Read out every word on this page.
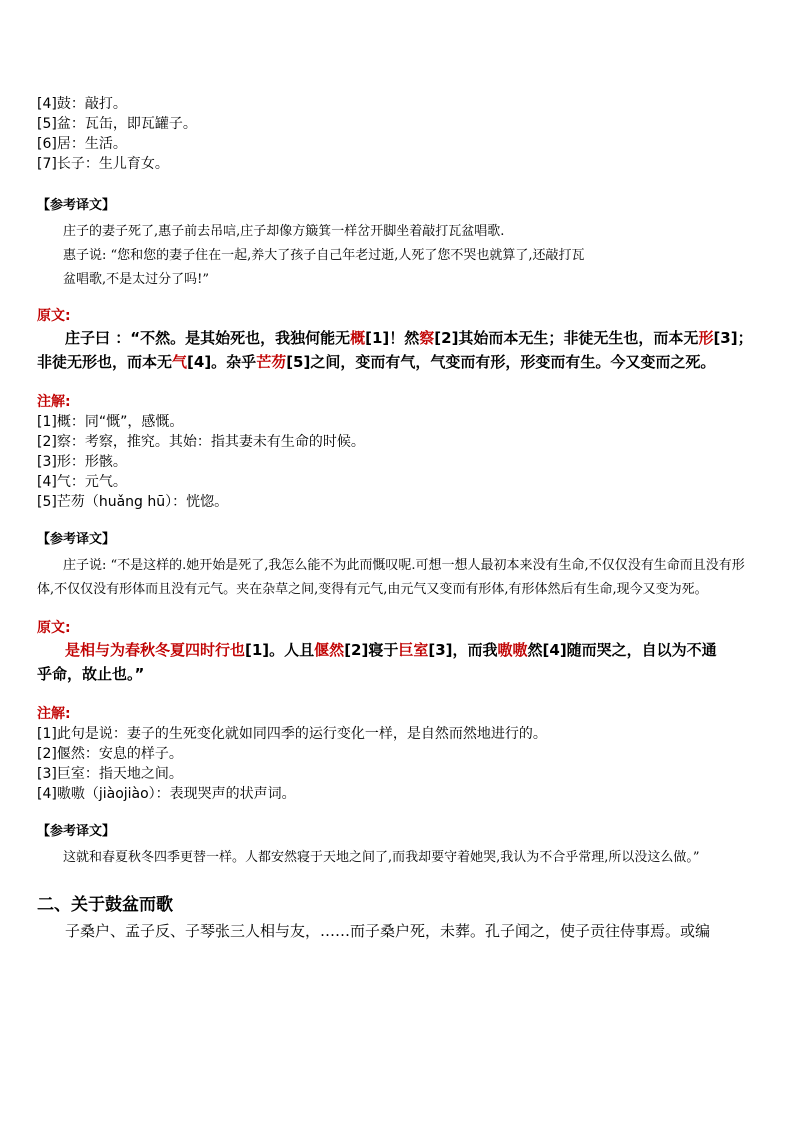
[4]鼓：敲打。
[5]盆：瓦缶，即瓦罐子。
[6]居：生活。
[7]长子：生儿育女。
【参考译文】
庄子的妻子死了,惠子前去吊唁,庄子却像方簸箕一样岔开脚坐着敲打瓦盆唱歌.
惠子说: “您和您的妻子住在一起,养大了孩子自己年老过逝,人死了您不哭也就算了,还敲打瓦
盆唱歌,不是太过分了吗!”
原文:
庄子曰 ：“不然。是其始死也，我独何能无概[1]！然察[2]其始而本无生；非徒无生也，而本无形[3]；非徒无形也，而本无气[4]。杂乎芒芴[5]之间，变而有气，气变而有形，形变而有生。今又变而之死。
注解:
[1]概：同“慨”，感慨。
[2]察：考察，推究。其始：指其妻未有生命的时候。
[3]形：形骸。
[4]气：元气。
[5]芒芴（huǎng hū）：恍惚。
【参考译文】
庄子说: “不是这样的.她开始是死了,我怎么能不为此而慨叹呢.可想一想人最初本来没有生命,不仅仅没有生命而且没有形体,不仅仅没有形体而且没有元气。夹在杂草之间,变得有元气,由元气又变而有形体,有形体然后有生命,现今又变为死。
原文:
是相与为春秋冬夏四时行也[1]。人且偃然[2]寝于巨室[3]，而我嗷嗷然[4]随而哭之，自以为不通
乎命，故止也。”
注解:
[1]此句是说：妻子的生死变化就如同四季的运行变化一样，是自然而然地进行的。
[2]偃然：安息的样子。
[3]巨室：指天地之间。
[4]嗷嗷（jiàojiào）：表现哭声的状声词。
【参考译文】
这就和春夏秋冬四季更替一样。人都安然寝于天地之间了,而我却要守着她哭,我认为不合乎常理,所以没这么做。”
二、关于鼓盆而歌
子桑户、孟子反、子琴张三人相与友，……而子桑户死，未葬。孔子闻之，使子贡往侍事焉。或编
